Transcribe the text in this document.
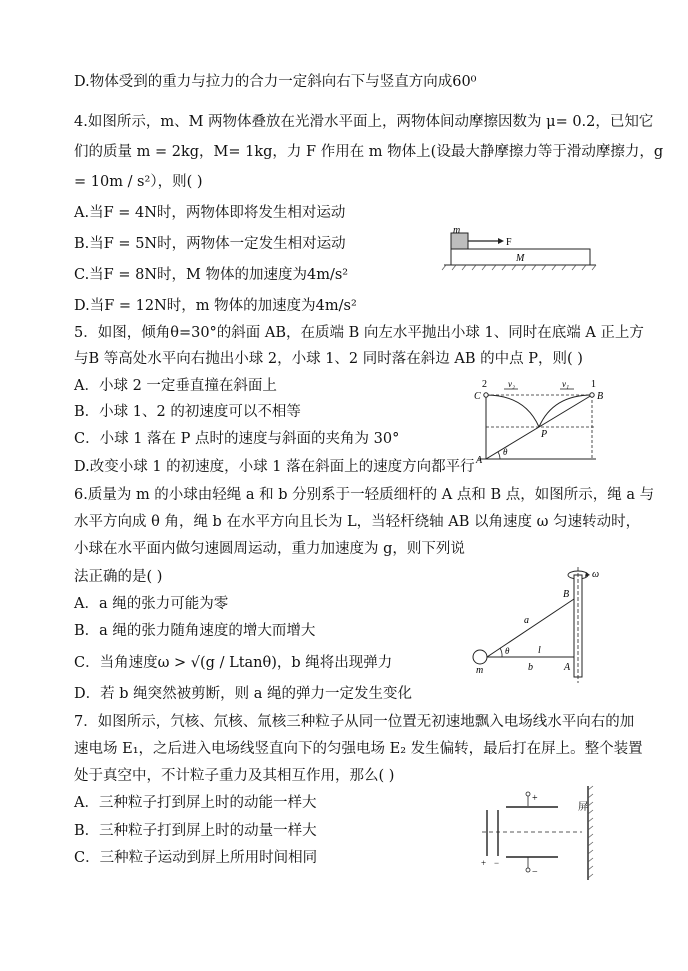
D.物体受到的重力与拉力的合力一定斜向右下与竖直方向成60⁰
4.如图所示，m、M 两物体叠放在光滑水平面上，两物体间动摩擦因数为 μ= 0.2，已知它
们的质量 m = 2kg，M= 1kg，力 F 作用在 m 物体上(设最大静摩擦力等于滑动摩擦力，g
= 10m / s²），则( )
A.当F = 4N时，两物体即将发生相对运动
B.当F = 5N时，两物体一定发生相对运动
C.当F = 8N时，M 物体的加速度为4m/s²
D.当F = 12N时，m 物体的加速度为4m/s²
5．如图，倾角θ=30°的斜面 AB，在质端 B 向左水平抛出小球 1、同时在底端 A 正上方
与B 等高处水平向右抛出小球 2，小球 1、2 同时落在斜边 AB 的中点 P，则( )
A．小球 2 一定垂直撞在斜面上
B．小球 1、2 的初速度可以不相等
C．小球 1 落在 P 点时的速度与斜面的夹角为 30°
D.改变小球 1 的初速度，小球 1 落在斜面上的速度方向都平行
6.质量为 m 的小球由轻绳 a 和 b 分别系于一轻质细杆的 A 点和 B 点，如图所示，绳 a 与
水平方向成 θ 角，绳 b 在水平方向且长为 L，当轻杆绕轴 AB 以角速度 ω 匀速转动时，
小球在水平面内做匀速圆周运动，重力加速度为 g，则下列说
法正确的是( )
A．a 绳的张力可能为零
B．a 绳的张力随角速度的增大而增大
C．当角速度ω > √(g / Ltanθ)，b 绳将出现弹力
D．若 b 绳突然被剪断，则 a 绳的弹力一定发生变化
7．如图所示，氕核、氘核、氚核三种粒子从同一位置无初速地飘入电场线水平向右的加
速电场 E₁，之后进入电场线竖直向下的匀强电场 E₂ 发生偏转，最后打在屏上。整个装置
处于真空中，不计粒子重力及其相互作用，那么( )
A．三种粒子打到屏上时的动能一样大
B．三种粒子打到屏上时的动量一样大
C．三种粒子运动到屏上所用时间相同
m
F
M
2 v₂	v₁ 1
C	B
P
A
θ
ω
B
a
θ	l
m	b	A
+
−
+ −
屏
